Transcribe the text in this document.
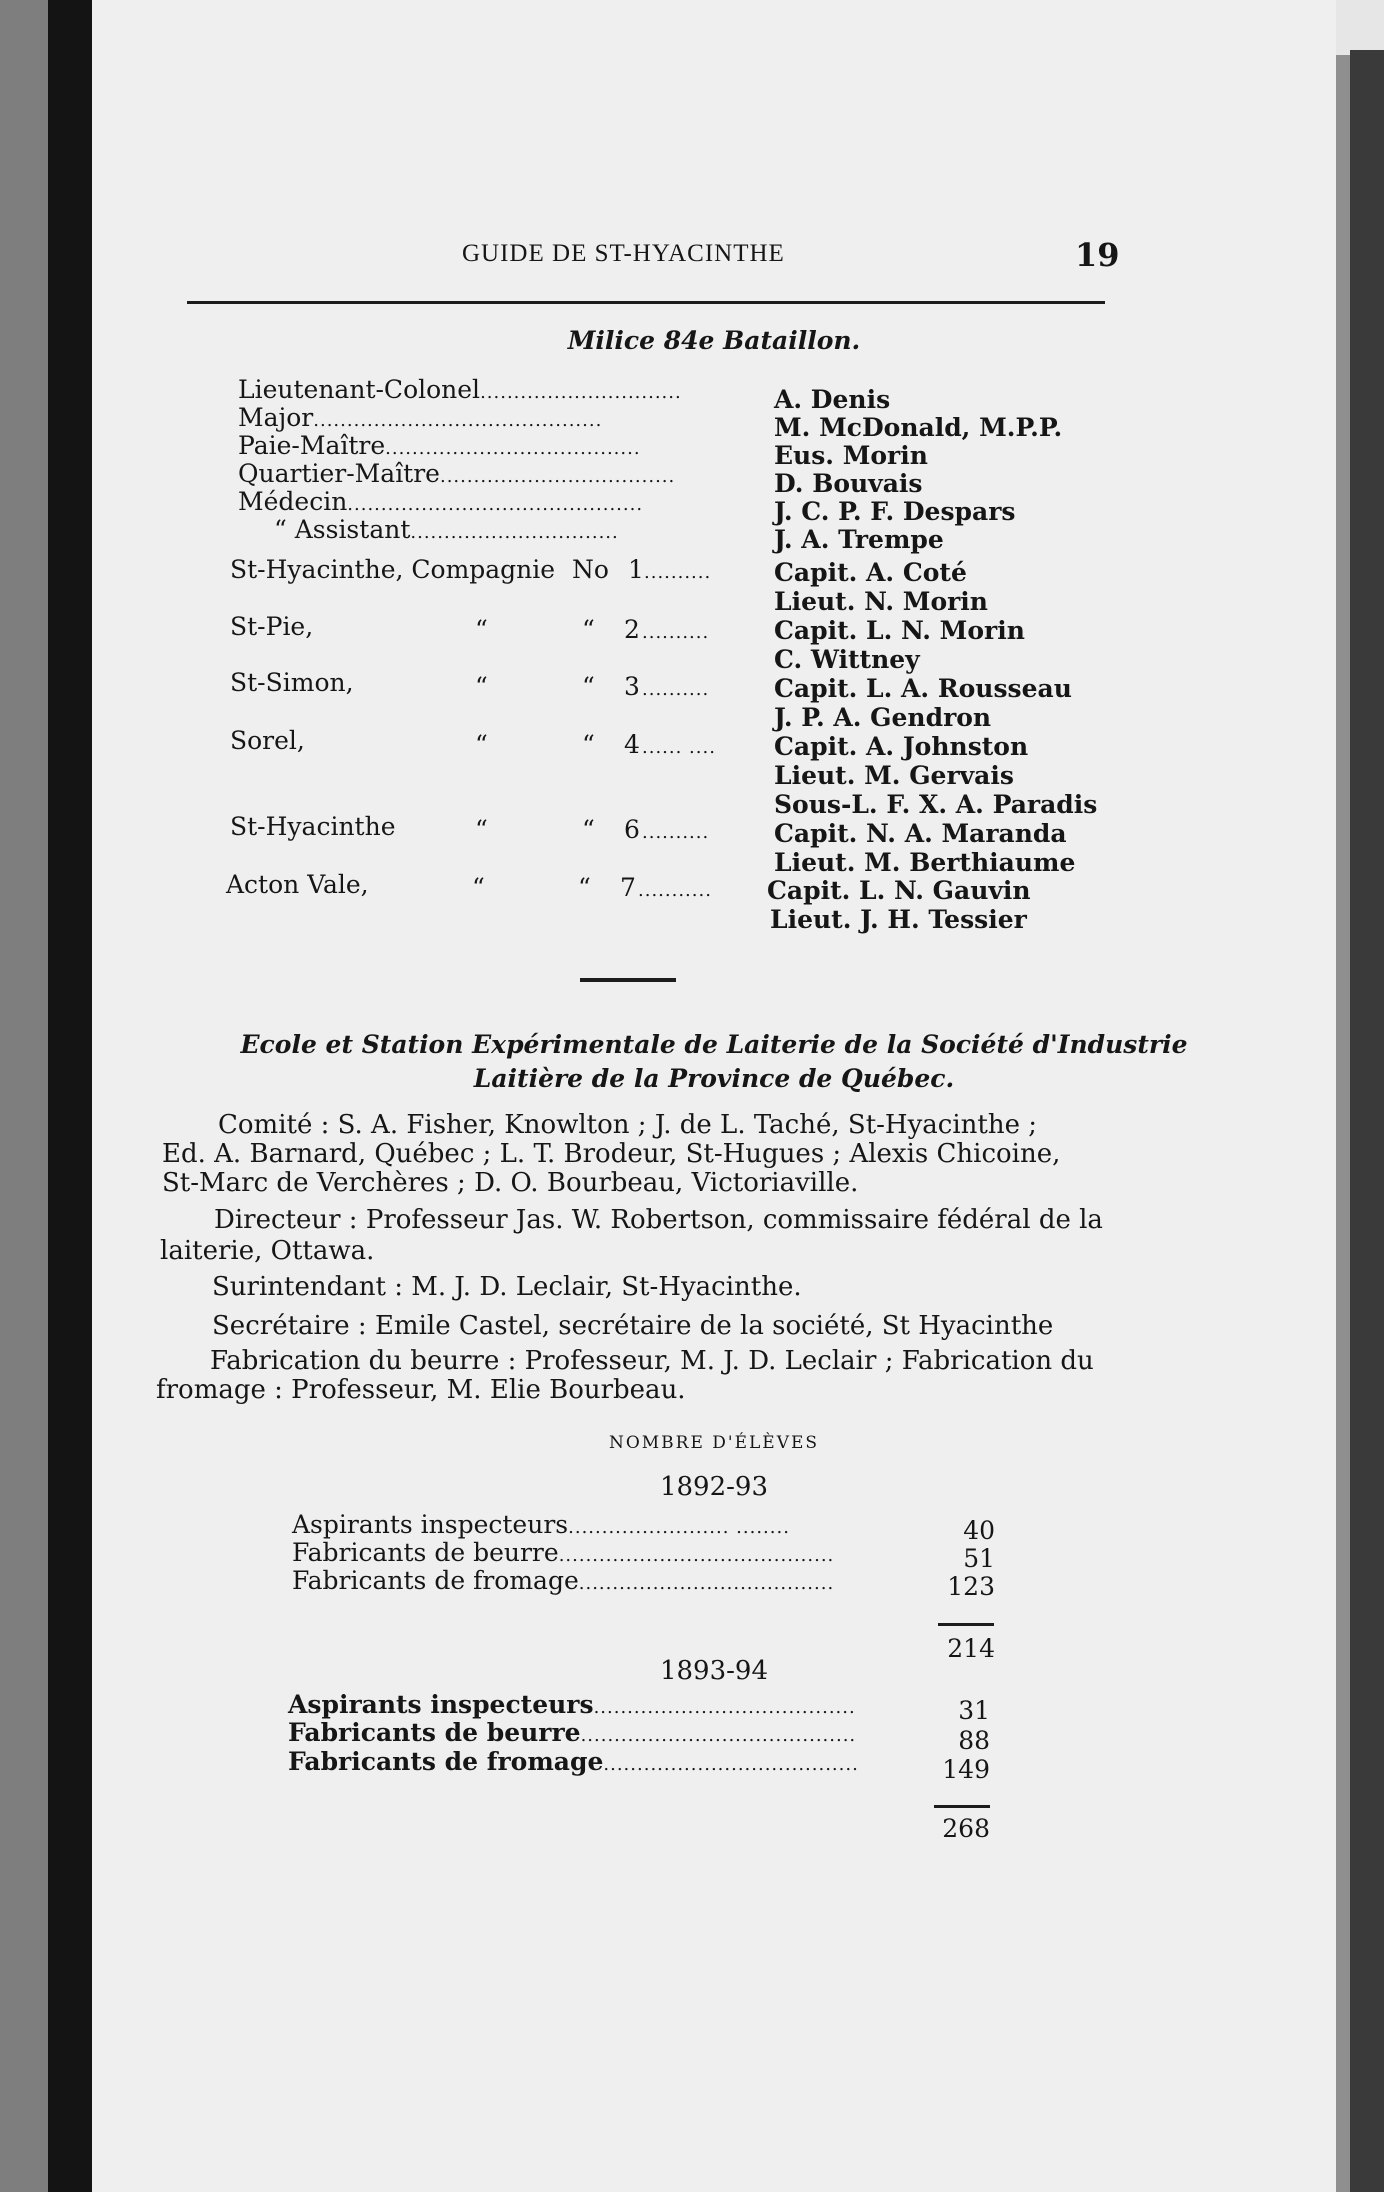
GUIDE DE ST-HYACINTHE	19
Milice 84e Bataillon.
Lieutenant-Colonel..............................	A. Denis
Major...........................................	M. McDonald, M.P.P.
Paie-Maître......................................	Eus. Morin
Quartier-Maître...................................	D. Bouvais
Médecin............................................	J. C. P. F. Despars
“ Assistant...............................	J. A. Trempe
St-Hyacinthe, Compagnie No 1 ..........	Capit. A. Coté
Lieut. N. Morin
St-Pie,	“	“ 2 ..........	Capit. L. N. Morin
C. Wittney
St-Simon,	“	“ 3 ..........	Capit. L. A. Rousseau
J. P. A. Gendron
Sorel,	“	“ 4 ...... .... Capit. A. Johnston
Lieut. M. Gervais
Sous-L. F. X. A. Paradis
St-Hyacinthe	“	“ 6 ..........	Capit. N. A. Maranda
Lieut. M. Berthiaume
Acton Vale,	“	“ 7 ........... Capit. L. N. Gauvin
Lieut. J. H. Tessier
Ecole et Station Expérimentale de Laiterie de la Société d'Industrie
Laitière de la Province de Québec.
Comité : S. A. Fisher, Knowlton ; J. de L. Taché, St-Hyacinthe ;
Ed. A. Barnard, Québec ; L. T. Brodeur, St-Hugues ; Alexis Chicoine,
St-Marc de Verchères ; D. O. Bourbeau, Victoriaville.
Directeur : Professeur Jas. W. Robertson, commissaire fédéral de la
laiterie, Ottawa.
Surintendant : M. J. D. Leclair, St-Hyacinthe.
Secrétaire : Emile Castel, secrétaire de la société, St Hyacinthe
Fabrication du beurre : Professeur, M. J. D. Leclair ; Fabrication du
fromage : Professeur, M. Elie Bourbeau.
NOMBRE D'ÉLÈVES
1892-93
Aspirants inspecteurs........................ ........	40
Fabricants de beurre.........................................	51
Fabricants de fromage......................................	123
214
1893-94
Aspirants inspecteurs.......................................	31
Fabricants de beurre.........................................	88
Fabricants de fromage......................................	149
268
